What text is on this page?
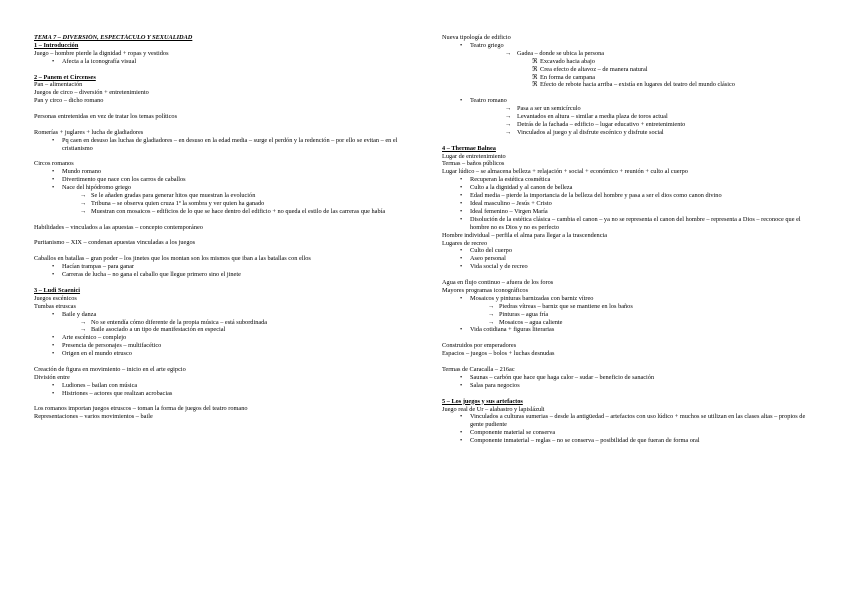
TEMA 7 – DIVERSIÓN, ESPECTÁCULO Y SEXUALIDAD
1 – Introducción
Juego – hombre pierde la dignidad + ropas y vestidos
• Afecta a la iconografía visual
2 – Panem et Circenses
Pan – alimentación
Juegos de circo – diversión + entretenimiento
Pan y circo – dicho romano
Personas entretenidas en vez de tratar los temas políticos
Romerías + juglares + lucha de gladiadores
• Pq caen en desuso las luchas de gladiadores – en desuso en la edad media – surge el perdón y la redención – por ello se evitan – en el cristianismo
Circos romanos
• Mundo romano
• Divertimento que nace con los carros de caballos
• Nace del hipódromo griego
→ Se le añaden gradas para generar hitos que muestran la evolución
→ Tribuna – se observa quien cruza 1º la sombra y ver quien ha ganado
→ Muestran con mosaicos – edificios de lo que se hace dentro del edificio + no queda el estilo de las carreras que había
Habilidades – vinculados a las apuestas – concepto contemporáneo
Puritanismo – XIX – condenan apuestas vinculadas a los juegos
Caballos en batallas – gran poder – los jinetes que los montan son los mismos que iban a las batallas con ellos
• Hacían trampas – para ganar
• Carreras de lucha – no gana el caballo que llegue primero sino el jinete
3 – Ludi Scaenici
Juegos escénicos
Tumbas etruscas
• Baile y danza
→ No se entendía cómo diferente de la propia música – está subordinada
→ Baile asociado a un tipo de manifestación en especial
• Arte escénico – complejo
• Presencia de personajes – multifacético
• Origen en el mundo etrusco
Creación de figura en movimiento – inicio en el arte egipcio
División entre
• Ludiones – bailan con música
• Histriones – actores que realizan acrobacias
Los romanos importan juegos etruscos – toman la forma de juegos del teatro romano
Representaciones – varios movimientos – baile
Nueva tipología de edificio
• Teatro griego
→ Gadea – donde se ubica la persona
ℜ Excavado hacia abajo
ℜ Crea efecto de altavoz – de manera natural
ℜ En forma de campana
ℜ Efecto de rebote hacia arriba – existía en lugares del teatro del mundo clásico
• Teatro romano
→ Pasa a ser un semicírculo
→ Levantados en altura – similar a media plaza de toros actual
→ Detrás de la fachada – edificio – lugar educativo + entretenimiento
→ Vinculados al juego y al disfrute escénico y disfrute social
4 – Thermae Balnea
Lugar de entretenimiento
Termas – baños públicos
Lugar lúdico – se almacena belleza + relajación + social + económico + reunión + culto al cuerpo
• Recuperan la estética cosmética
• Culto a la dignidad y al canon de belleza
• Edad media – pierde la importancia de la belleza del hombre y pasa a ser el dios como canon divino
• Ideal masculino – Jesús + Cristo
• Ideal femenino – Virgen María
• Disolución de la estética clásica – cambia el canon – ya no se representa el canon del hombre – representa a Dios – reconoce que el hombre no es Dios y no es perfecto
Hombre individual – perfila el alma para llegar a la trascendencia
Lugares de recreo
• Culto del cuerpo
• Aseo personal
• Vida social y de recreo
Agua en flujo continuo – afuera de los foros
Mayores programas iconográficos
• Mosaicos y pinturas barnizadas con barniz vítreo
→ Piedras vítreas – barniz que se mantiene en los baños
→ Pinturas – agua fría
→ Mosaicos – agua caliente
• Vida cotidiana + figuras literarias
Construidos por emperadores
Espacios – juegos – bolos + luchas desnudas
Termas de Caracalla – 216ac
• Saunas – carbón que hace que haga calor – sudar – beneficio de sanación
• Salas para negocios
5 – Los juegos y sus artefactos
Juego real de Ur – alabastro y lapislázuli
• Vinculados a culturas sumerias – desde la antigüedad – artefactos con uso lúdico + muchos se utilizan en las clases altas – propios de gente pudiente
• Componente material se conserva
• Componente inmaterial – reglas – no se conserva – posibilidad de que fueran de forma oral
